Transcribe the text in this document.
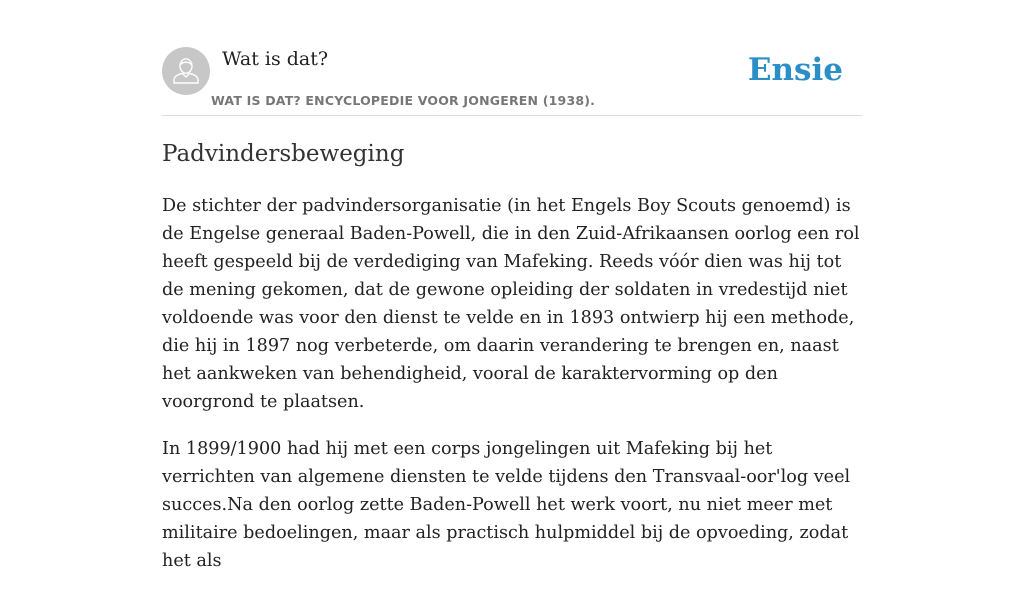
Wat is dat?
WAT IS DAT? ENCYCLOPEDIE VOOR JONGEREN (1938).
Ensie
Padvindersbeweging

De stichter der padvindersorganisatie (in het Engels Boy Scouts genoemd) is de Engelse generaal Baden-Powell, die in den Zuid-Afrikaansen oorlog een rol heeft gespeeld bij de verdediging van Mafeking. Reeds vóór dien was hij tot de mening gekomen, dat de gewone opleiding der soldaten in vredestijd niet voldoende was voor den dienst te velde en in 1893 ontwierp hij een methode, die hij in 1897 nog verbeterde, om daarin verandering te brengen en, naast het aankweken van behendigheid, vooral de karaktervorming op den voorgrond te plaatsen.

In 1899/1900 had hij met een corps jongelingen uit Mafeking bij het verrichten van algemene diensten te velde tijdens den Transvaal-oor'log veel succes.Na den oorlog zette Baden-Powell het werk voort, nu niet meer met militaire bedoelingen, maar als practisch hulpmiddel bij de opvoeding, zodat het als
